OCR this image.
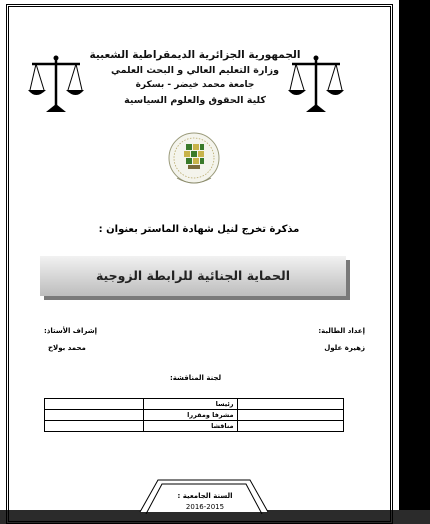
الجمهورية الجزائرية الديمقراطية الشعبية
وزارة التعليم العالي و البحث العلمي
جامعة محمد خيضر - بسكرة
كلية الحقوق والعلوم السياسية
مذكرة تخرج لنيل شهادة الماستر بعنوان :
الحماية الجنائية للرابطة الزوجية
إعداد الطالبة:
زهيرة علول
إشراف الأستاذ:
محمد بولاح
لجنة المناقشة:
	رئيسا	
	مشرفا ومقررا	
	مناقشا	
السنة الجامعية :
2016-2015
